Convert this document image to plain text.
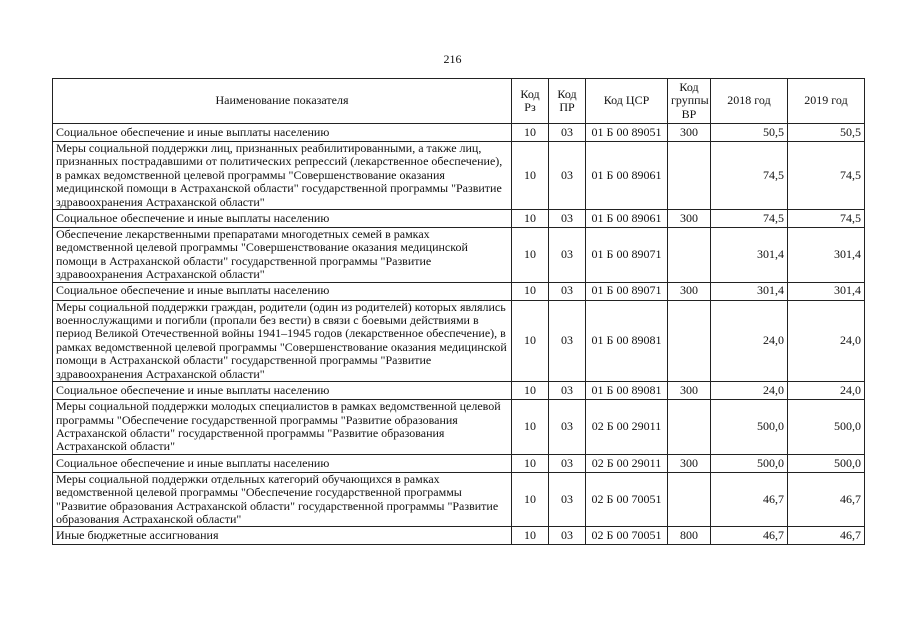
216
Наименование показателя	Код Рз	Код ПР	Код ЦСР	Код группы ВР	2018 год	2019 год
Социальное обеспечение и иные выплаты населению	10	03	01 Б 00 89051	300	50,5	50,5
Меры социальной поддержки лиц, признанных реабилитированными, а также лиц, признанных пострадавшими от политических репрессий (лекарственное обеспечение), в рамках ведомственной целевой программы "Совершенствование оказания медицинской помощи в Астраханской области" государственной программы "Развитие здравоохранения Астраханской области"	10	03	01 Б 00 89061		74,5	74,5
Социальное обеспечение и иные выплаты населению	10	03	01 Б 00 89061	300	74,5	74,5
Обеспечение лекарственными препаратами многодетных семей в рамках ведомственной целевой программы "Совершенствование оказания медицинской помощи в Астраханской области" государственной программы "Развитие здравоохранения Астраханской области"	10	03	01 Б 00 89071		301,4	301,4
Социальное обеспечение и иные выплаты населению	10	03	01 Б 00 89071	300	301,4	301,4
Меры социальной поддержки граждан, родители (один из родителей) которых являлись военнослужащими и погибли (пропали без вести) в связи с боевыми действиями в период Великой Отечественной войны 1941–1945 годов (лекарственное обеспечение), в рамках ведомственной целевой программы "Совершенствование оказания медицинской помощи в Астраханской области" государственной программы "Развитие здравоохранения Астраханской области"	10	03	01 Б 00 89081		24,0	24,0
Социальное обеспечение и иные выплаты населению	10	03	01 Б 00 89081	300	24,0	24,0
Меры социальной поддержки молодых специалистов в рамках ведомственной целевой программы "Обеспечение государственной программы "Развитие образования Астраханской области" государственной программы "Развитие образования Астраханской области"	10	03	02 Б 00 29011		500,0	500,0
Социальное обеспечение и иные выплаты населению	10	03	02 Б 00 29011	300	500,0	500,0
Меры социальной поддержки отдельных категорий обучающихся в рамках ведомственной целевой программы "Обеспечение государственной программы "Развитие образования Астраханской области" государственной программы "Развитие образования Астраханской области"	10	03	02 Б 00 70051		46,7	46,7
Иные бюджетные ассигнования	10	03	02 Б 00 70051	800	46,7	46,7
